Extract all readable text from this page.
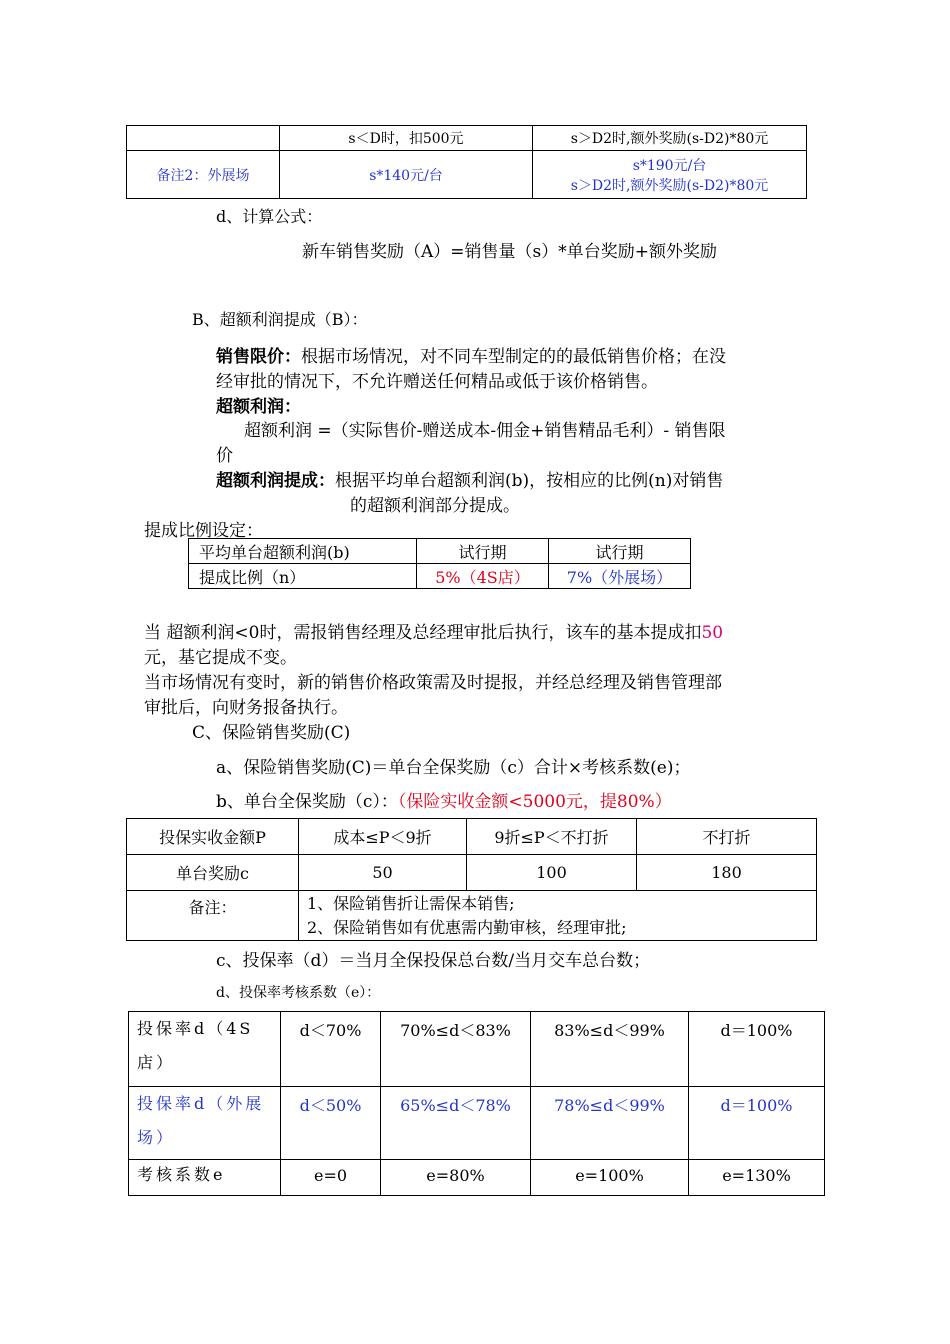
	s＜D时，扣500元	s＞D2时,额外奖励(s-D2)*80元
备注2：外展场	s*140元/台	s*190元/台
s＞D2时,额外奖励(s-D2)*80元
d、计算公式：
新车销售奖励（A）=销售量（s）*单台奖励+额外奖励
B、超额利润提成（B）：
销售限价：根据市场情况，对不同车型制定的的最低销售价格；在没
经审批的情况下，不允许赠送任何精品或低于该价格销售。
超额利润：
超额利润 =（实际售价-赠送成本-佣金+销售精品毛利）- 销售限
价
超额利润提成：根据平均单台超额利润(b)，按相应的比例(n)对销售
的超额利润部分提成。
提成比例设定：
平均单台超额利润(b)	试行期	试行期
提成比例（n）	5%（4S店）	7%（外展场）
当 超额利润<0时，需报销售经理及总经理审批后执行，该车的基本提成扣50
元，基它提成不变。
当市场情况有变时，新的销售价格政策需及时提报，并经总经理及销售管理部
审批后，向财务报备执行。
C、保险销售奖励(C)
a、保险销售奖励(C)＝单台全保奖励（c）合计×考核系数(e)；
b、单台全保奖励（c）：（保险实收金额<5000元，提80%）
投保实收金额P	成本≤P＜9折	9折≤P＜不打折	不打折
单台奖励c	50	100	180
备注：	1、保险销售折让需保本销售;
2、保险销售如有优惠需内勤审核，经理审批;		
c、投保率（d）＝当月全保投保总台数/当月交车总台数；
d、投保率考核系数（e）：
投保率d（4S
店）	d＜70%	70%≤d＜83%	83%≤d＜99%	d＝100%

投保率d（外展
场）	d＜50%	65%≤d＜78%	78%≤d＜99%	d＝100%
考核系数e	e=0	e=80%	e=100%	e=130%
